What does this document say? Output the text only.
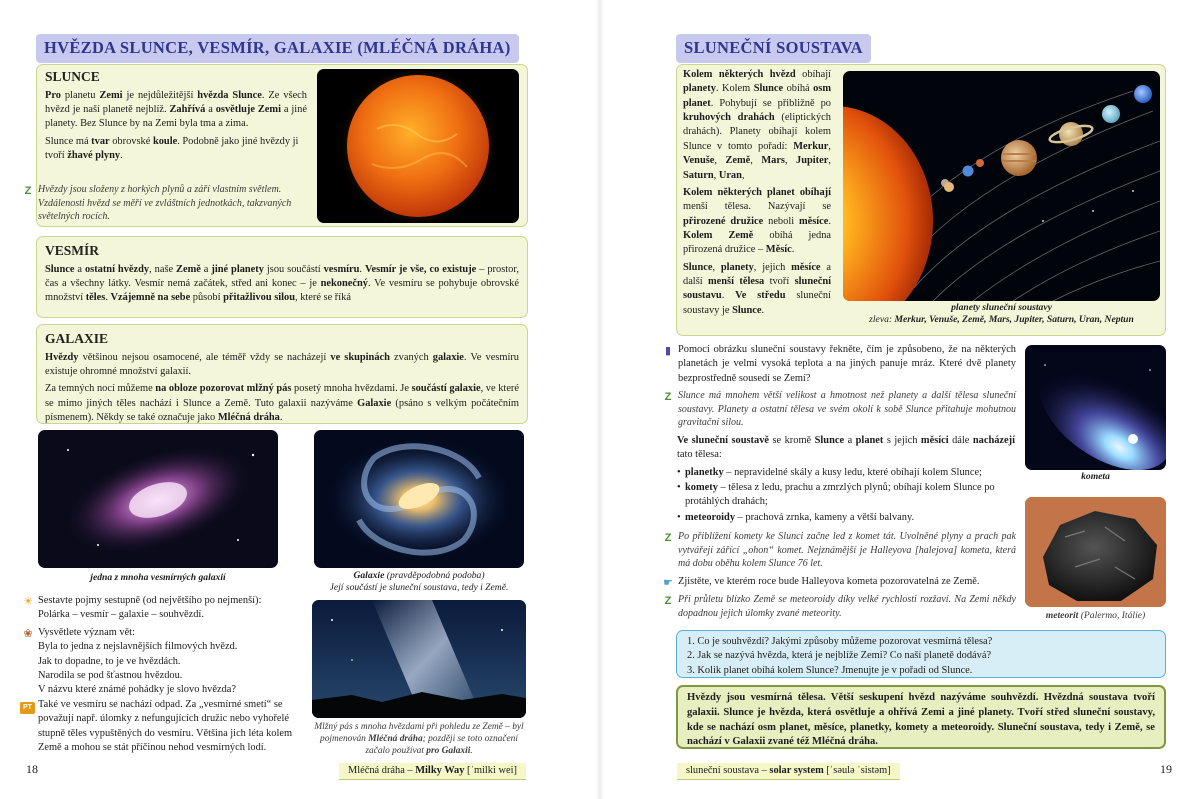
HVĚZDA SLUNCE, VESMÍR, GALAXIE (MLÉČNÁ DRÁHA)
SLUNCE

Pro planetu Zemi je nejdůležitější hvězda Slunce. Ze všech hvězd je naší planetě nejblíž. Zahřívá a osvětluje Zemi a jiné planety. Bez Slunce by na Zemi byla tma a zima.

Slunce má tvar obrovské koule. Podobně jako jiné hvězdy ji tvoří žhavé plyny.

Z Hvězdy jsou složeny z horkých plynů a září vlastním světlem. Vzdálenosti hvězd se měří ve zvláštních jednotkách, takzvaných světelných rocích.
VESMÍR

Slunce a ostatní hvězdy, naše Země a jiné planety jsou součástí vesmíru. Vesmír je vše, co existuje – prostor, čas a všechny látky. Vesmír nemá začátek, střed ani konec – je nekonečný. Ve vesmíru se pohybuje obrovské množství těles. Vzájemně na sebe působí přitažlivou silou, které se říká

GALAXIE

Hvězdy většinou nejsou osamocené, ale téměř vždy se nacházejí ve skupinách zvaných galaxie. Ve vesmíru existuje ohromné množství galaxií.

Za temných nocí můžeme na obloze pozorovat mlžný pás posetý mnoha hvězdami. Je součástí galaxie, ve které se mimo jiných těles nachází i Slunce a Země. Tuto galaxii nazýváme Galaxie (psáno s velkým počátečním písmenem). Někdy se také označuje jako Mléčná dráha.

jedna z mnoha vesmírných galaxií	Galaxie (pravděpodobná podoba)
Její součástí je sluneční soustava, tedy i Země.
Mlžný pás s mnoha hvězdami při pohledu ze Země – byl pojmenován Mléčná dráha; později se toto označení začalo používat pro Galaxii.
☀ Sestavte pojmy sestupně (od největšího po nejmenší):
Polárka – vesmír – galaxie – souhvězdí.
❀ Vysvětlete význam vět:
Byla to jedna z nejslavnějších filmových hvězd.
Jak to dopadne, to je ve hvězdách.
Narodila se pod šťastnou hvězdou.
V názvu které známé pohádky je slovo hvězda?
PT Také ve vesmíru se nachází odpad. Za „vesmírné smetí“ se považují např. úlomky z nefungujících družic nebo vyhořelé stupně těles vypuštěných do vesmíru. Většina jich léta kolem Země a mohou se stát příčinou nehod vesmírných lodí.
18	Mléčná dráha – Milky Way [ˈmilki wei]
SLUNEČNÍ SOUSTAVA

Kolem některých hvězd obíhají planety. Kolem Slunce obíhá osm planet. Pohybují se přibližně po kruhových drahách (eliptických drahách). Planety obíhají kolem Slunce v tomto pořadí: Merkur, Venuše, Země, Mars, Jupiter, Saturn, Uran,

Kolem některých planet obíhají menší tělesa. Nazývají se přirozené družice neboli měsíce. Kolem Země obíhá jedna přirozená družice – Měsíc.

Slunce, planety, jejich měsíce a další menší tělesa tvoří sluneční soustavu. Ve středu sluneční soustavy je Slunce.	planety sluneční soustavy
zleva: Merkur, Venuše, Země, Mars, Jupiter, Saturn, Uran, Neptun
▮ Pomocí obrázku sluneční soustavy řekněte, čím je způsobeno, že na některých planetách je velmi vysoká teplota a na jiných panuje mráz. Které dvě planety bezprostředně sousedí se Zemí?
Z Slunce má mnohem větší velikost a hmotnost než planety a další tělesa sluneční soustavy. Planety a ostatní tělesa ve svém okolí k sobě Slunce přitahuje mohutnou gravitační silou.

Ve sluneční soustavě se kromě Slunce a planet s jejich měsíci dále nacházejí tato tělesa:

• planetky – nepravidelné skály a kusy ledu, které obíhají kolem Slunce;
• komety – tělesa z ledu, prachu a zmrzlých plynů; obíhají kolem Slunce po protáhlých drahách;
• meteoroidy – prachová zrnka, kameny a větší balvany.
Z Po přiblížení komety ke Slunci začne led z komet tát. Uvolněné plyny a prach pak vytvářejí zářící „ohon“ komet. Nejznámější je Halleyova [halejova] kometa, která má dobu oběhu kolem Slunce 76 let.
☛ Zjistěte, ve kterém roce bude Halleyova kometa pozorovatelná ze Země.
Z Při průletu blízko Země se meteoroidy díky velké rychlosti rozžaví. Na Zemi někdy dopadnou jejich úlomky zvané meteority.
kometa
meteorit (Palermo, Itálie)
1. Co je souhvězdí? Jakými způsoby můžeme pozorovat vesmírná tělesa?
2. Jak se nazývá hvězda, která je nejblíže Zemi? Co naší planetě dodává?
3. Kolik planet obíhá kolem Slunce? Jmenujte je v pořadí od Slunce.
Hvězdy jsou vesmírná tělesa. Větší seskupení hvězd nazýváme souhvězdí. Hvězdná soustava tvoří galaxii. Slunce je hvězda, která osvětluje a ohřívá Zemi a jiné planety. Tvoří střed sluneční soustavy, kde se nachází osm planet, měsíce, planetky, komety a meteoroidy. Sluneční soustava, tedy i Země, se nachází v Galaxii zvané též Mléčná dráha.
sluneční soustava – solar system [ˈsəulə ˈsistəm]	19
